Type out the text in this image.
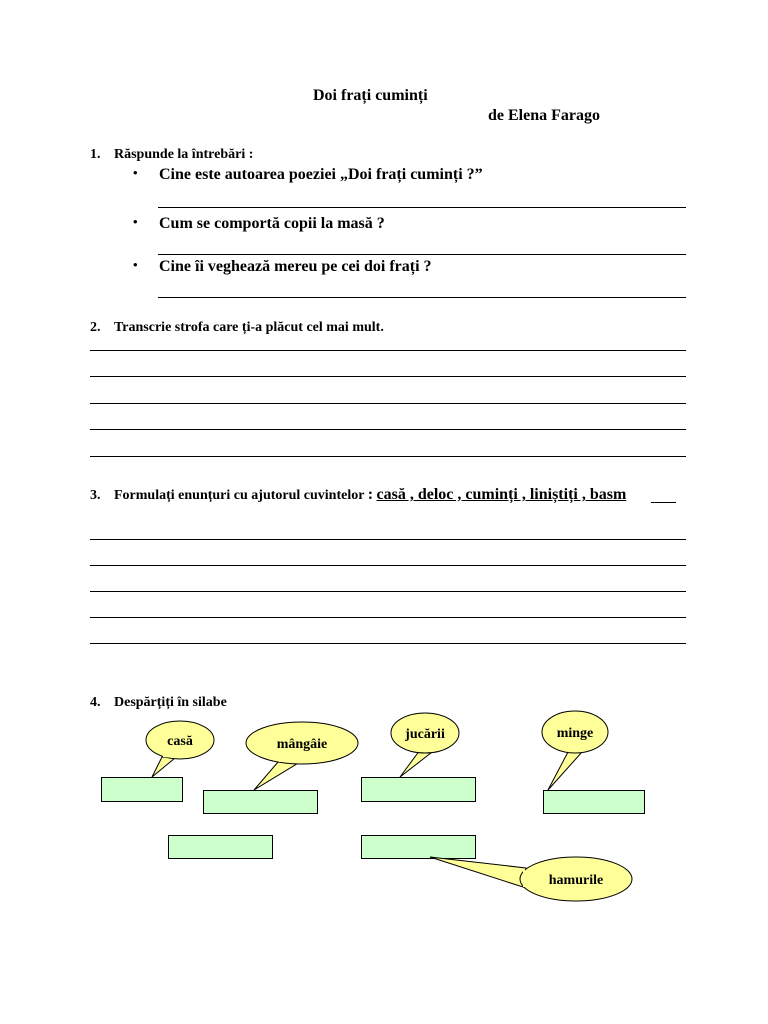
Doi frați cuminți
de Elena Farago
1. Răspunde la întrebări :
• Cine este autoarea poeziei „Doi frați cuminți ?”
• Cum se comportă copii la masă ?
• Cine îi veghează mereu pe cei doi frați ?
2. Transcrie strofa care ți-a plăcut cel mai mult.
3. Formulați enunțuri cu ajutorul cuvintelor : casă , deloc , cuminți , liniștiți , basm
4. Despărțiți în silabe
casă	mângâie
jucării	minge
hamurile
